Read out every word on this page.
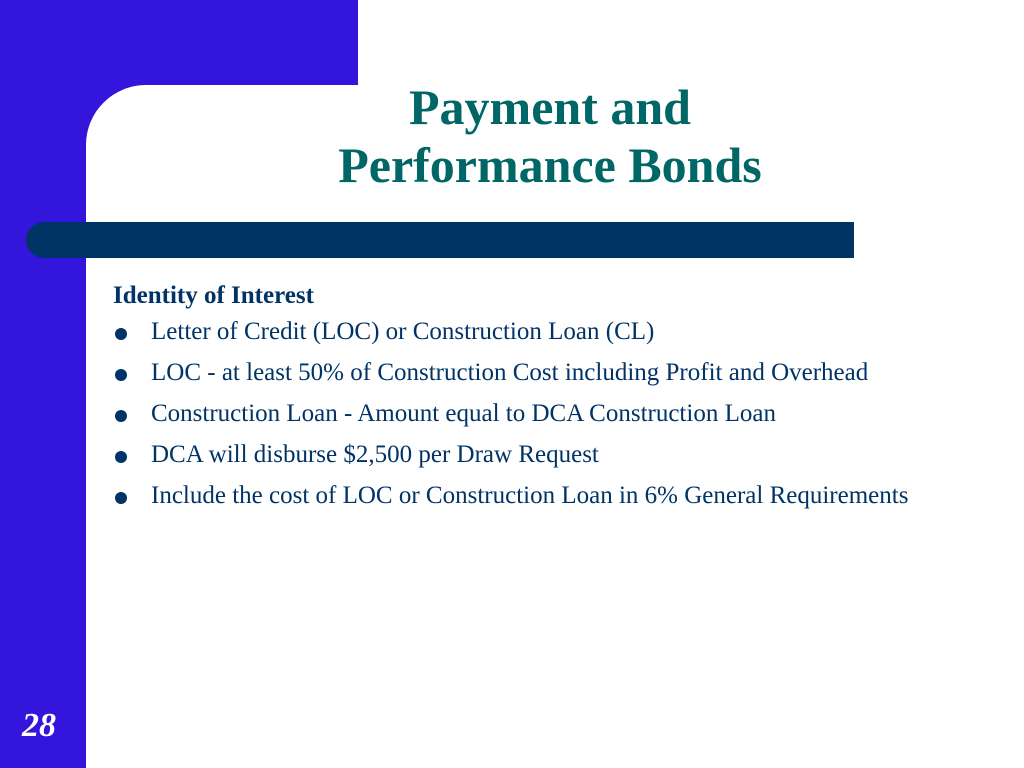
Payment and
Performance Bonds

Identity of Interest

Letter of Credit (LOC) or Construction Loan (CL)
LOC - at least 50% of Construction Cost including Profit and Overhead
Construction Loan - Amount equal to DCA Construction Loan
DCA will disburse $2,500 per Draw Request
Include the cost of LOC or Construction Loan in 6% General Requirements
28
